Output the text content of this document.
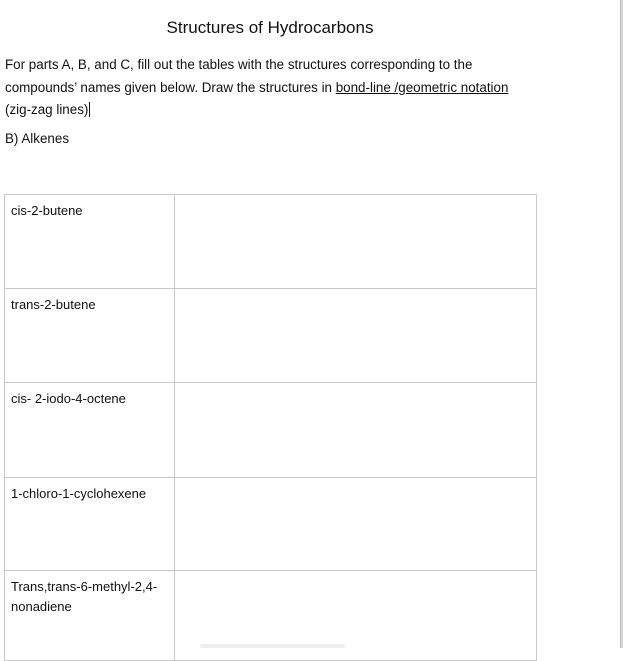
Structures of Hydrocarbons
For parts A, B, and C, fill out the tables with the structures corresponding to the compounds’ names given below. Draw the structures in bond-line /geometric notation (zig-zag lines)
B) Alkenes
cis-2-butene	

trans-2-butene	

cis- 2-iodo-4-octene	

1-chloro-1-cyclohexene	

Trans,trans-6-methyl-2,4-nonadiene	
